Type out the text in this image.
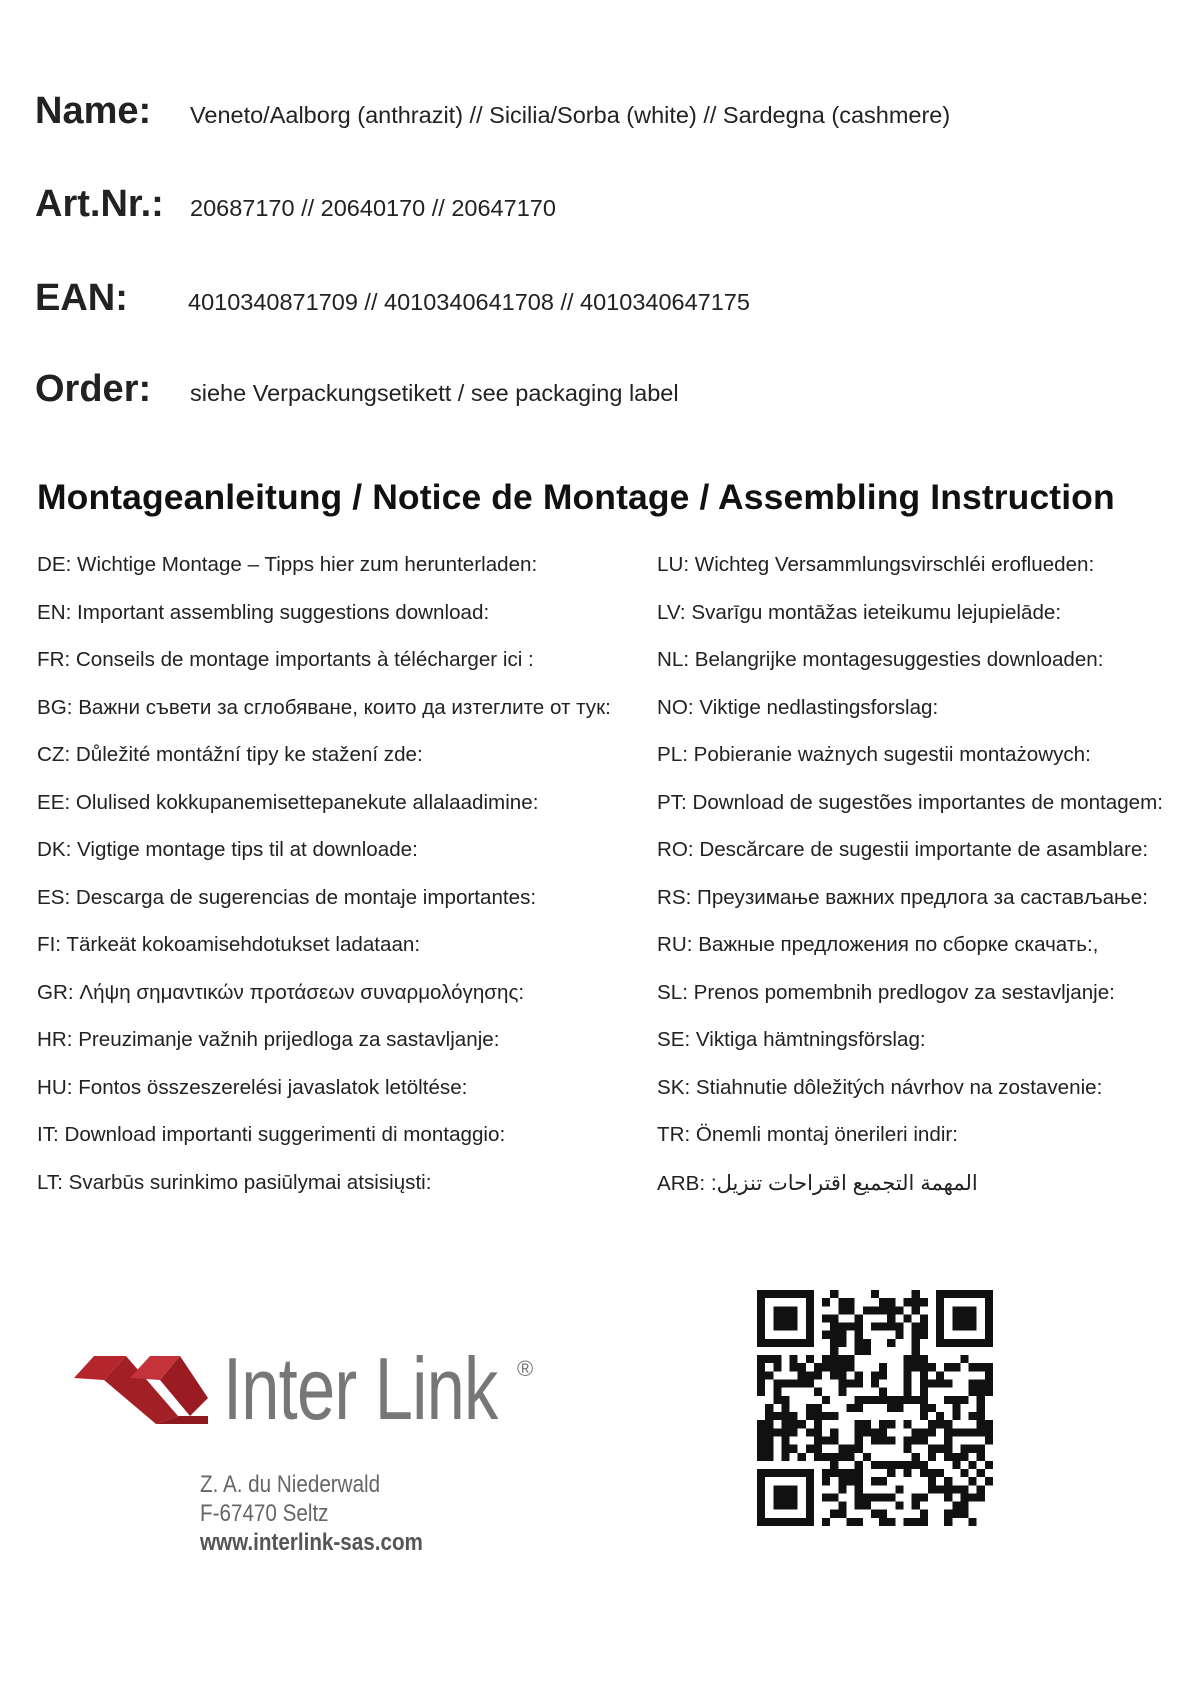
Name:	Veneto/Aalborg (anthrazit) // Sicilia/Sorba (white) // Sardegna (cashmere)
Art.Nr.:	20687170 // 20640170 // 20647170
EAN:	4010340871709 // 4010340641708 // 4010340647175
Order:	siehe Verpackungsetikett / see packaging label
Montageanleitung / Notice de Montage / Assembling Instruction
DE: Wichtige Montage – Tipps hier zum herunterladen:
EN: Important assembling suggestions download:
FR: Conseils de montage importants à télécharger ici :
BG: Важни съвети за сглобяване, които да изтеглите от тук:
CZ: Důležité montážní tipy ke stažení zde:
EE: Olulised kokkupanemisettepanekute allalaadimine:
DK: Vigtige montage tips til at downloade:
ES: Descarga de sugerencias de montaje importantes:
FI: Tärkeät kokoamisehdotukset ladataan:
GR: Λήψη σημαντικών προτάσεων συναρμολόγησης:
HR: Preuzimanje važnih prijedloga za sastavljanje:
HU: Fontos összeszerelési javaslatok letöltése:
IT: Download importanti suggerimenti di montaggio:
LT: Svarbūs surinkimo pasiūlymai atsisiųsti:
LU: Wichteg Versammlungsvirschléi eroflueden:
LV: Svarīgu montāžas ieteikumu lejupielāde:
NL: Belangrijke montagesuggesties downloaden:
NO: Viktige nedlastingsforslag:
PL: Pobieranie ważnych sugestii montażowych:
PT: Download de sugestões importantes de montagem:
RO: Descărcare de sugestii importante de asamblare:
RS: Преузимање важних предлога за састављање:
RU: Важные предложения по сборке скачать:,
SL: Prenos pomembnih predlogov za sestavljanje:
SE: Viktiga hämtningsförslag:
SK: Stiahnutie dôležitých návrhov na zostavenie:
TR: Önemli montaj önerileri indir:
ARB: المهمة التجميع اقتراحات تنزيل:
Inter Link ®
Z. A. du Niederwald
F-67470 Seltz
www.interlink-sas.com
